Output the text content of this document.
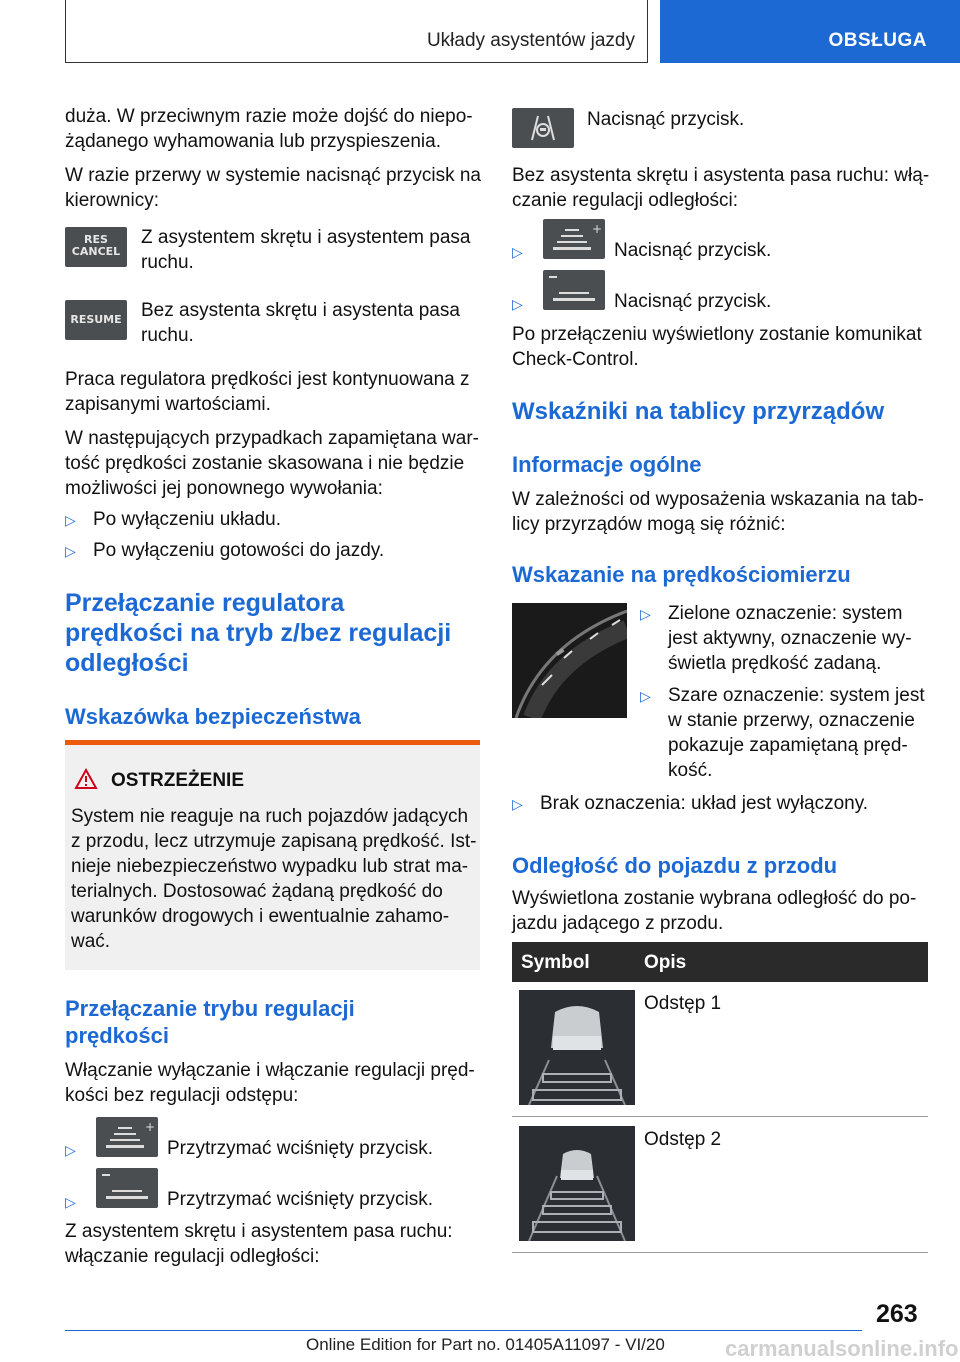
Układy asystentów jazdy	OBSŁUGA

duża. W przeciwnym razie może dojść do niepo-

żądanego wyhamowania lub przyspieszenia.

W razie przerwy w systemie nacisnąć przycisk na

kierownicy:

RES
CANCEL

Z asystentem skrętu i asystentem pasa

ruchu.

RESUME Bez asystenta skrętu i asystenta pasa

ruchu.

Praca regulatora prędkości jest kontynuowana z

zapisanymi wartościami.

W następujących przypadkach zapamiętana war-

tość prędkości zostanie skasowana i nie będzie

możliwości jej ponownego wywołania:

▷ Po wyłączeniu układu.

▷ Po wyłączeniu gotowości do jazdy.

Przełączanie regulatora

prędkości na tryb z/bez regulacji

odległości

Wskazówka bezpieczeństwa

OSTRZEŻENIE

System nie reaguje na ruch pojazdów jadących

z przodu, lecz utrzymuje zapisaną prędkość. Ist-

nieje niebezpieczeństwo wypadku lub strat ma-

terialnych. Dostosować żądaną prędkość do

warunków drogowych i ewentualnie zahamo-

wać.

Przełączanie trybu regulacji

prędkości

Włączanie wyłączanie i włączanie regulacji pręd-

kości bez regulacji odstępu:

▷
+

Przytrzymać wciśnięty przycisk.

▷	Przytrzymać wciśnięty przycisk.

Z asystentem skrętu i asystentem pasa ruchu:

włączanie regulacji odległości:

Nacisnąć przycisk.

Bez asystenta skrętu i asystenta pasa ruchu: włą-

czanie regulacji odległości:

▷
+

Nacisnąć przycisk.

▷	Nacisnąć przycisk.

Po przełączeniu wyświetlony zostanie komunikat

Check-Control.

Wskaźniki na tablicy przyrządów

Informacje ogólne

W zależności od wyposażenia wskazania na tab-

licy przyrządów mogą się różnić:

Wskazanie na prędkościomierzu

▷ Zielone oznaczenie: system

jest aktywny, oznaczenie wy-

świetla prędkość zadaną.

▷ Szare oznaczenie: system jest

w stanie przerwy, oznaczenie

pokazuje zapamiętaną pręd-

kość.

▷ Brak oznaczenia: układ jest wyłączony.

Odległość do pojazdu z przodu

Wyświetlona zostanie wybrana odległość do po-

jazdu jadącego z przodu.

Symbol	Opis

Odstęp 1

Odstęp 2

263

Online Edition for Part no. 01405A11097 - VI/20	carmanualsonline.info
